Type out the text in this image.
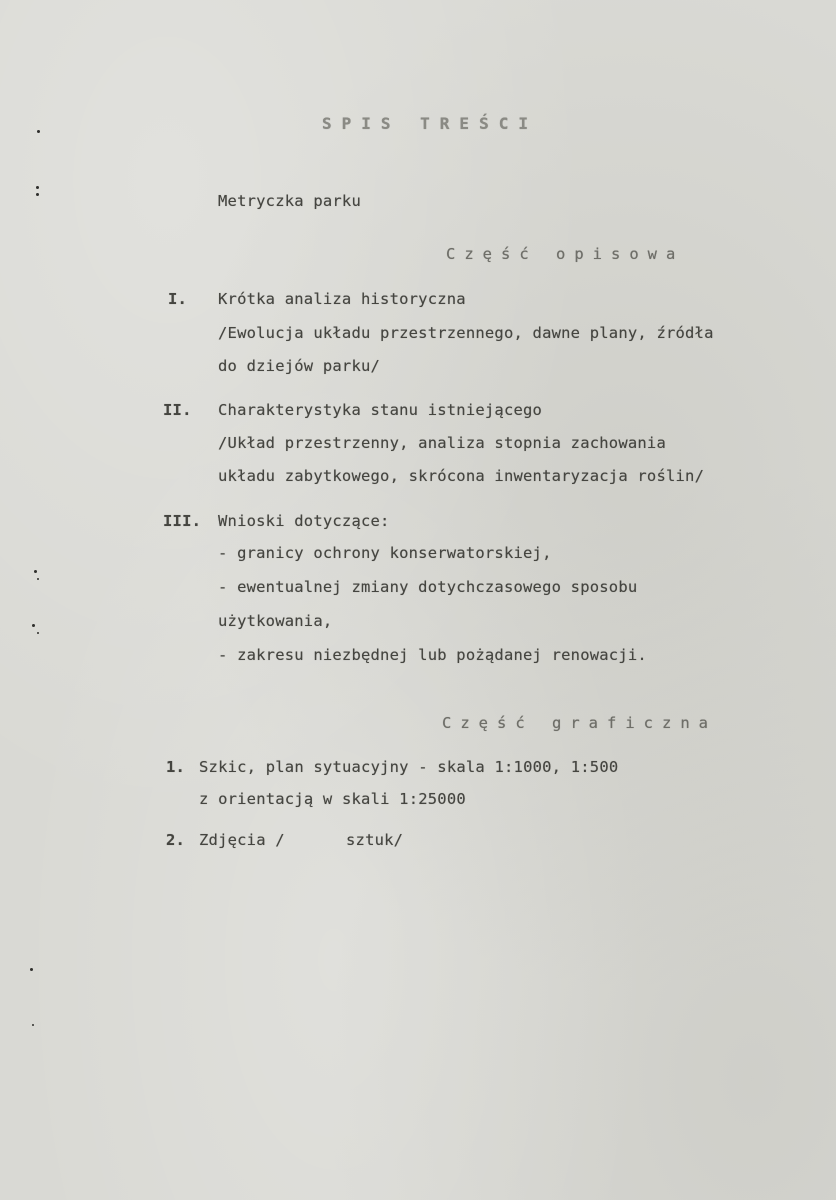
SPIS TREŚCI
Metryczka parku
Część opisowa
I. Krótka analiza historyczna
/Ewolucja układu przestrzennego, dawne plany, źródła
do dziejów parku/
II. Charakterystyka stanu istniejącego
/Układ przestrzenny, analiza stopnia zachowania
układu zabytkowego, skrócona inwentaryzacja roślin/
III. Wnioski dotyczące:
- granicy ochrony konserwatorskiej,
- ewentualnej zmiany dotychczasowego sposobu
użytkowania,
- zakresu niezbędnej lub pożądanej renowacji.
Część graficzna
1. Szkic, plan sytuacyjny - skala 1:1000, 1:500
z orientacją w skali 1:25000
2. Zdjęcia /	sztuk/
